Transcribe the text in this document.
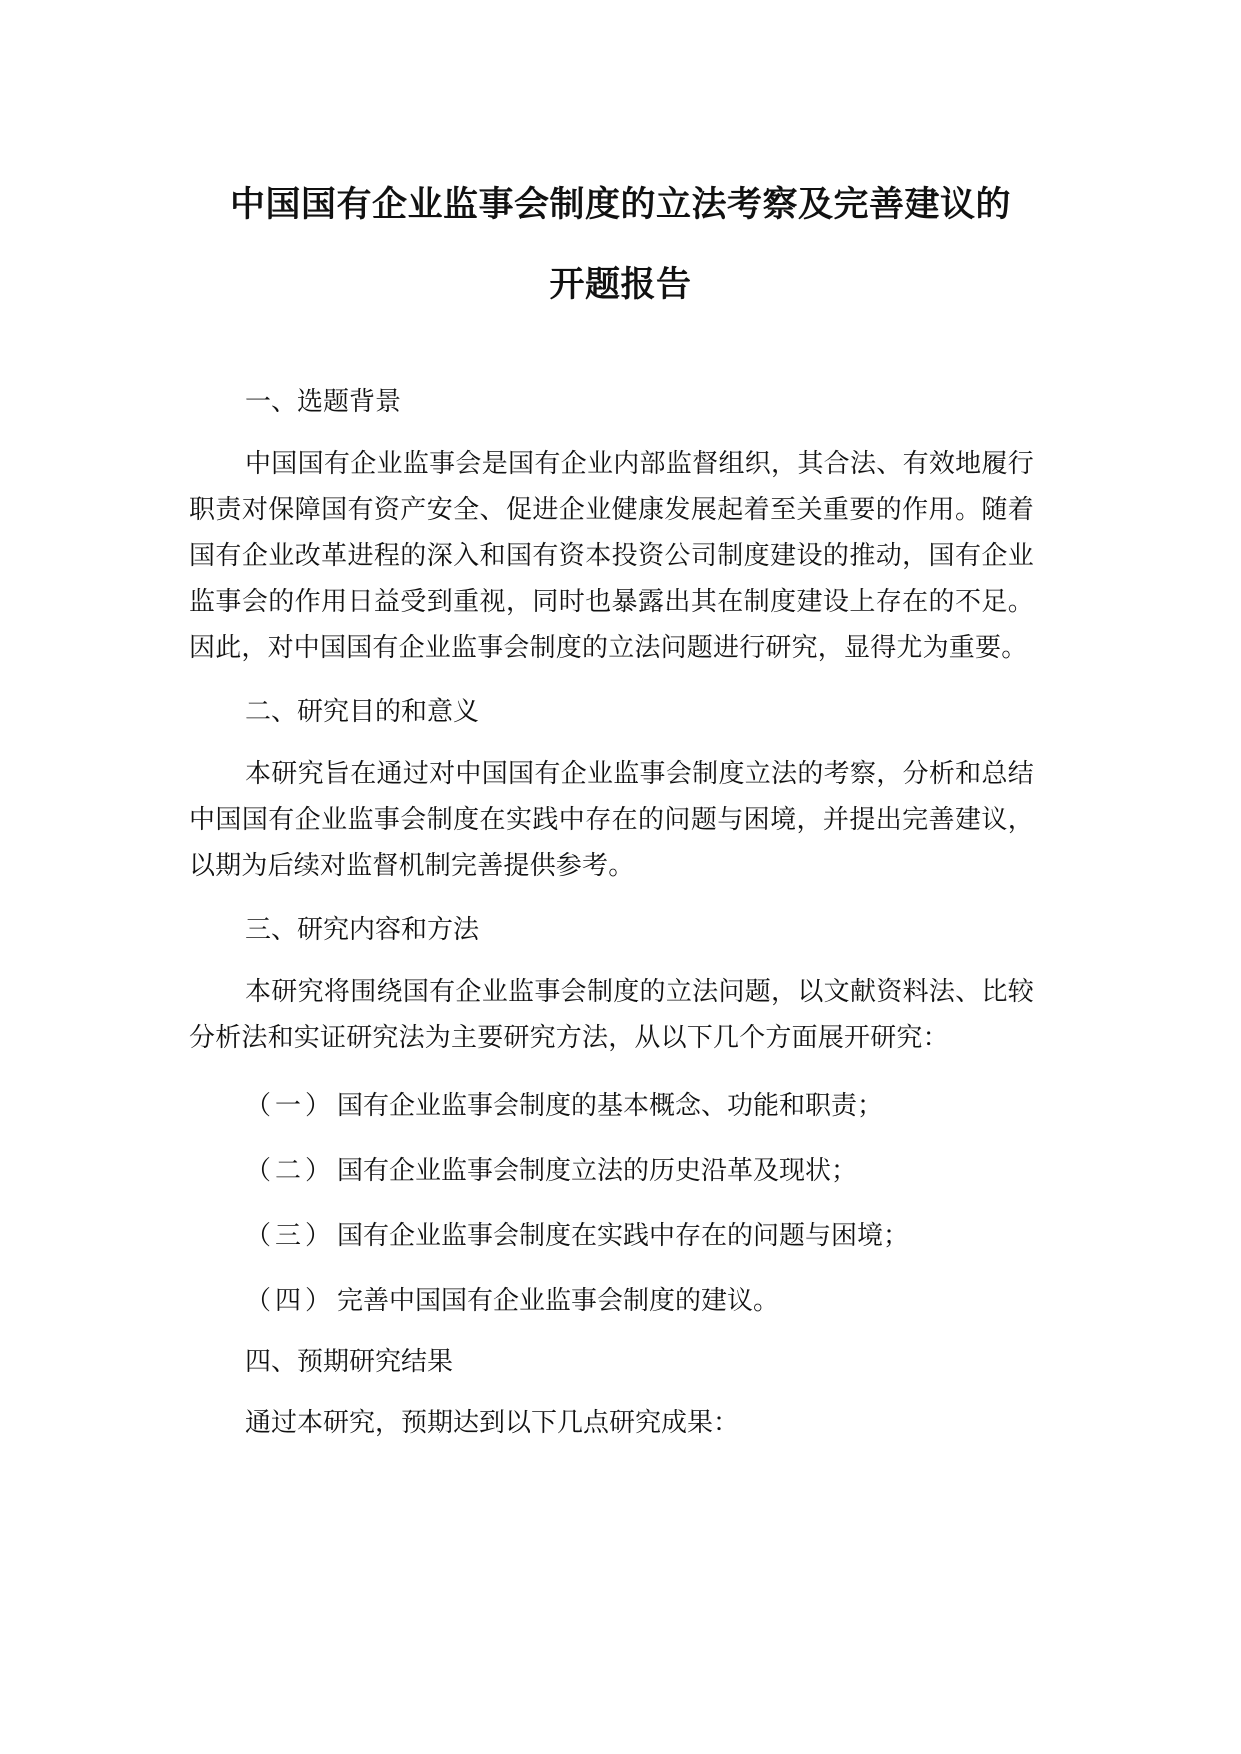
中国国有企业监事会制度的立法考察及完善建议的
开题报告

一、选题背景

中国国有企业监事会是国有企业内部监督组织，其合法、有效地履行职责对保障国有资产安全、促进企业健康发展起着至关重要的作用。随着国有企业改革进程的深入和国有资本投资公司制度建设的推动，国有企业监事会的作用日益受到重视，同时也暴露出其在制度建设上存在的不足。因此，对中国国有企业监事会制度的立法问题进行研究，显得尤为重要。

二、研究目的和意义

本研究旨在通过对中国国有企业监事会制度立法的考察，分析和总结中国国有企业监事会制度在实践中存在的问题与困境，并提出完善建议，以期为后续对监督机制完善提供参考。

三、研究内容和方法

本研究将围绕国有企业监事会制度的立法问题，以文献资料法、比较分析法和实证研究法为主要研究方法，从以下几个方面展开研究：

（一）国有企业监事会制度的基本概念、功能和职责；

（二）国有企业监事会制度立法的历史沿革及现状；

（三）国有企业监事会制度在实践中存在的问题与困境；

（四）完善中国国有企业监事会制度的建议。

四、预期研究结果

通过本研究，预期达到以下几点研究成果：
